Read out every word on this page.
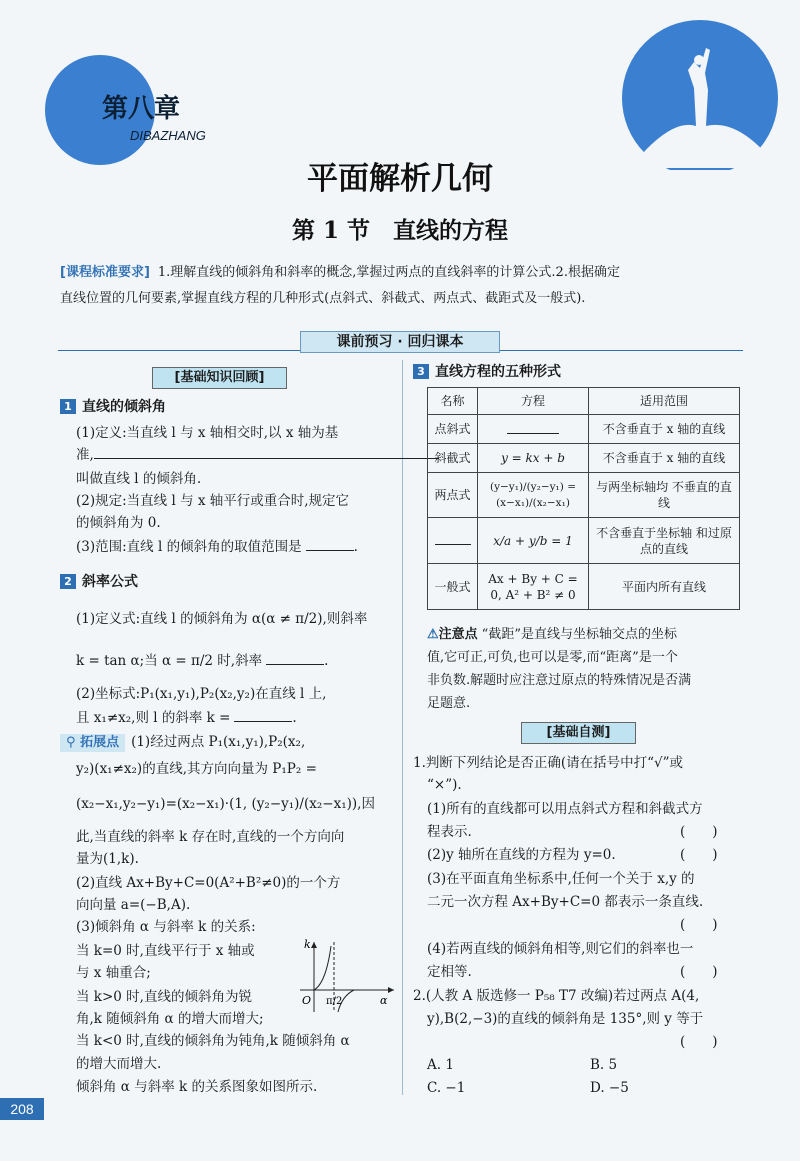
第八章
DIBAZHANG
平面解析几何
第 1 节　直线的方程
[课程标准要求] 1.理解直线的倾斜角和斜率的概念,掌握过两点的直线斜率的计算公式.2.根据确定
直线位置的几何要素,掌握直线方程的几种形式(点斜式、斜截式、两点式、截距式及一般式).
课前预习 · 回归课本
[基础知识回顾]
1 直线的倾斜角
(1)定义:当直线 l 与 x 轴相交时,以 x 轴为基
准,
叫做直线 l 的倾斜角.
(2)规定:当直线 l 与 x 轴平行或重合时,规定它
的倾斜角为 0.
(3)范围:直线 l 的倾斜角的取值范围是	.
2 斜率公式
(1)定义式:直线 l 的倾斜角为 α(α ≠ π/2),则斜率
k = tan α;当 α = π/2 时,斜率	.
(2)坐标式:P₁(x₁,y₁),P₂(x₂,y₂)在直线 l 上,
且 x₁≠x₂,则 l 的斜率 k =	.
⚲ 拓展点 (1)经过两点 P₁(x₁,y₁),P₂(x₂,
y₂)(x₁≠x₂)的直线,其方向向量为 P₁P₂ =
(x₂−x₁,y₂−y₁)=(x₂−x₁)·(1, (y₂−y₁)/(x₂−x₁)),因
此,当直线的斜率 k 存在时,直线的一个方向向
量为(1,k).
(2)直线 Ax+By+C=0(A²+B²≠0)的一个方
向向量 a=(−B,A).
(3)倾斜角 α 与斜率 k 的关系:
当 k=0 时,直线平行于 x 轴或
与 x 轴重合;
当 k>0 时,直线的倾斜角为锐
角,k 随倾斜角 α 的增大而增大;
当 k<0 时,直线的倾斜角为钝角,k 随倾斜角 α
的增大而增大.
倾斜角 α 与斜率 k 的关系图象如图所示.
k
α
O π/2
3 直线方程的五种形式
名称	方程	适用范围
点斜式		不含垂直于 x 轴的直线
斜截式	y = kx + b	不含垂直于 x 轴的直线
两点式	(y−y₁)/(y₂−y₁) = (x−x₁)/(x₂−x₁)	与两坐标轴均 不垂直的直线
	x/a + y/b = 1	不含垂直于坐标轴 和过原点的直线
一般式	Ax + By + C = 0, A² + B² ≠ 0	平面内所有直线
⚠注意点 “截距”是直线与坐标轴交点的坐标
值,它可正,可负,也可以是零,而“距离”是一个
非负数.解题时应注意过原点的特殊情况是否满
足题意.
[基础自测]
1.判断下列结论是否正确(请在括号中打“√”或
“×”).
(1)所有的直线都可以用点斜式方程和斜截式方
程表示.	(　　)
(2)y 轴所在直线的方程为 y=0.	(　　)
(3)在平面直角坐标系中,任何一个关于 x,y 的
二元一次方程 Ax+By+C=0 都表示一条直线.
(　　)
(4)若两直线的倾斜角相等,则它们的斜率也一
定相等.	(　　)
2.(人教 A 版选修一 P₅₈ T7 改编)若过两点 A(4,
y),B(2,−3)的直线的倾斜角是 135°,则 y 等于
(　　)
A. 1	B. 5
C. −1	D. −5
208
